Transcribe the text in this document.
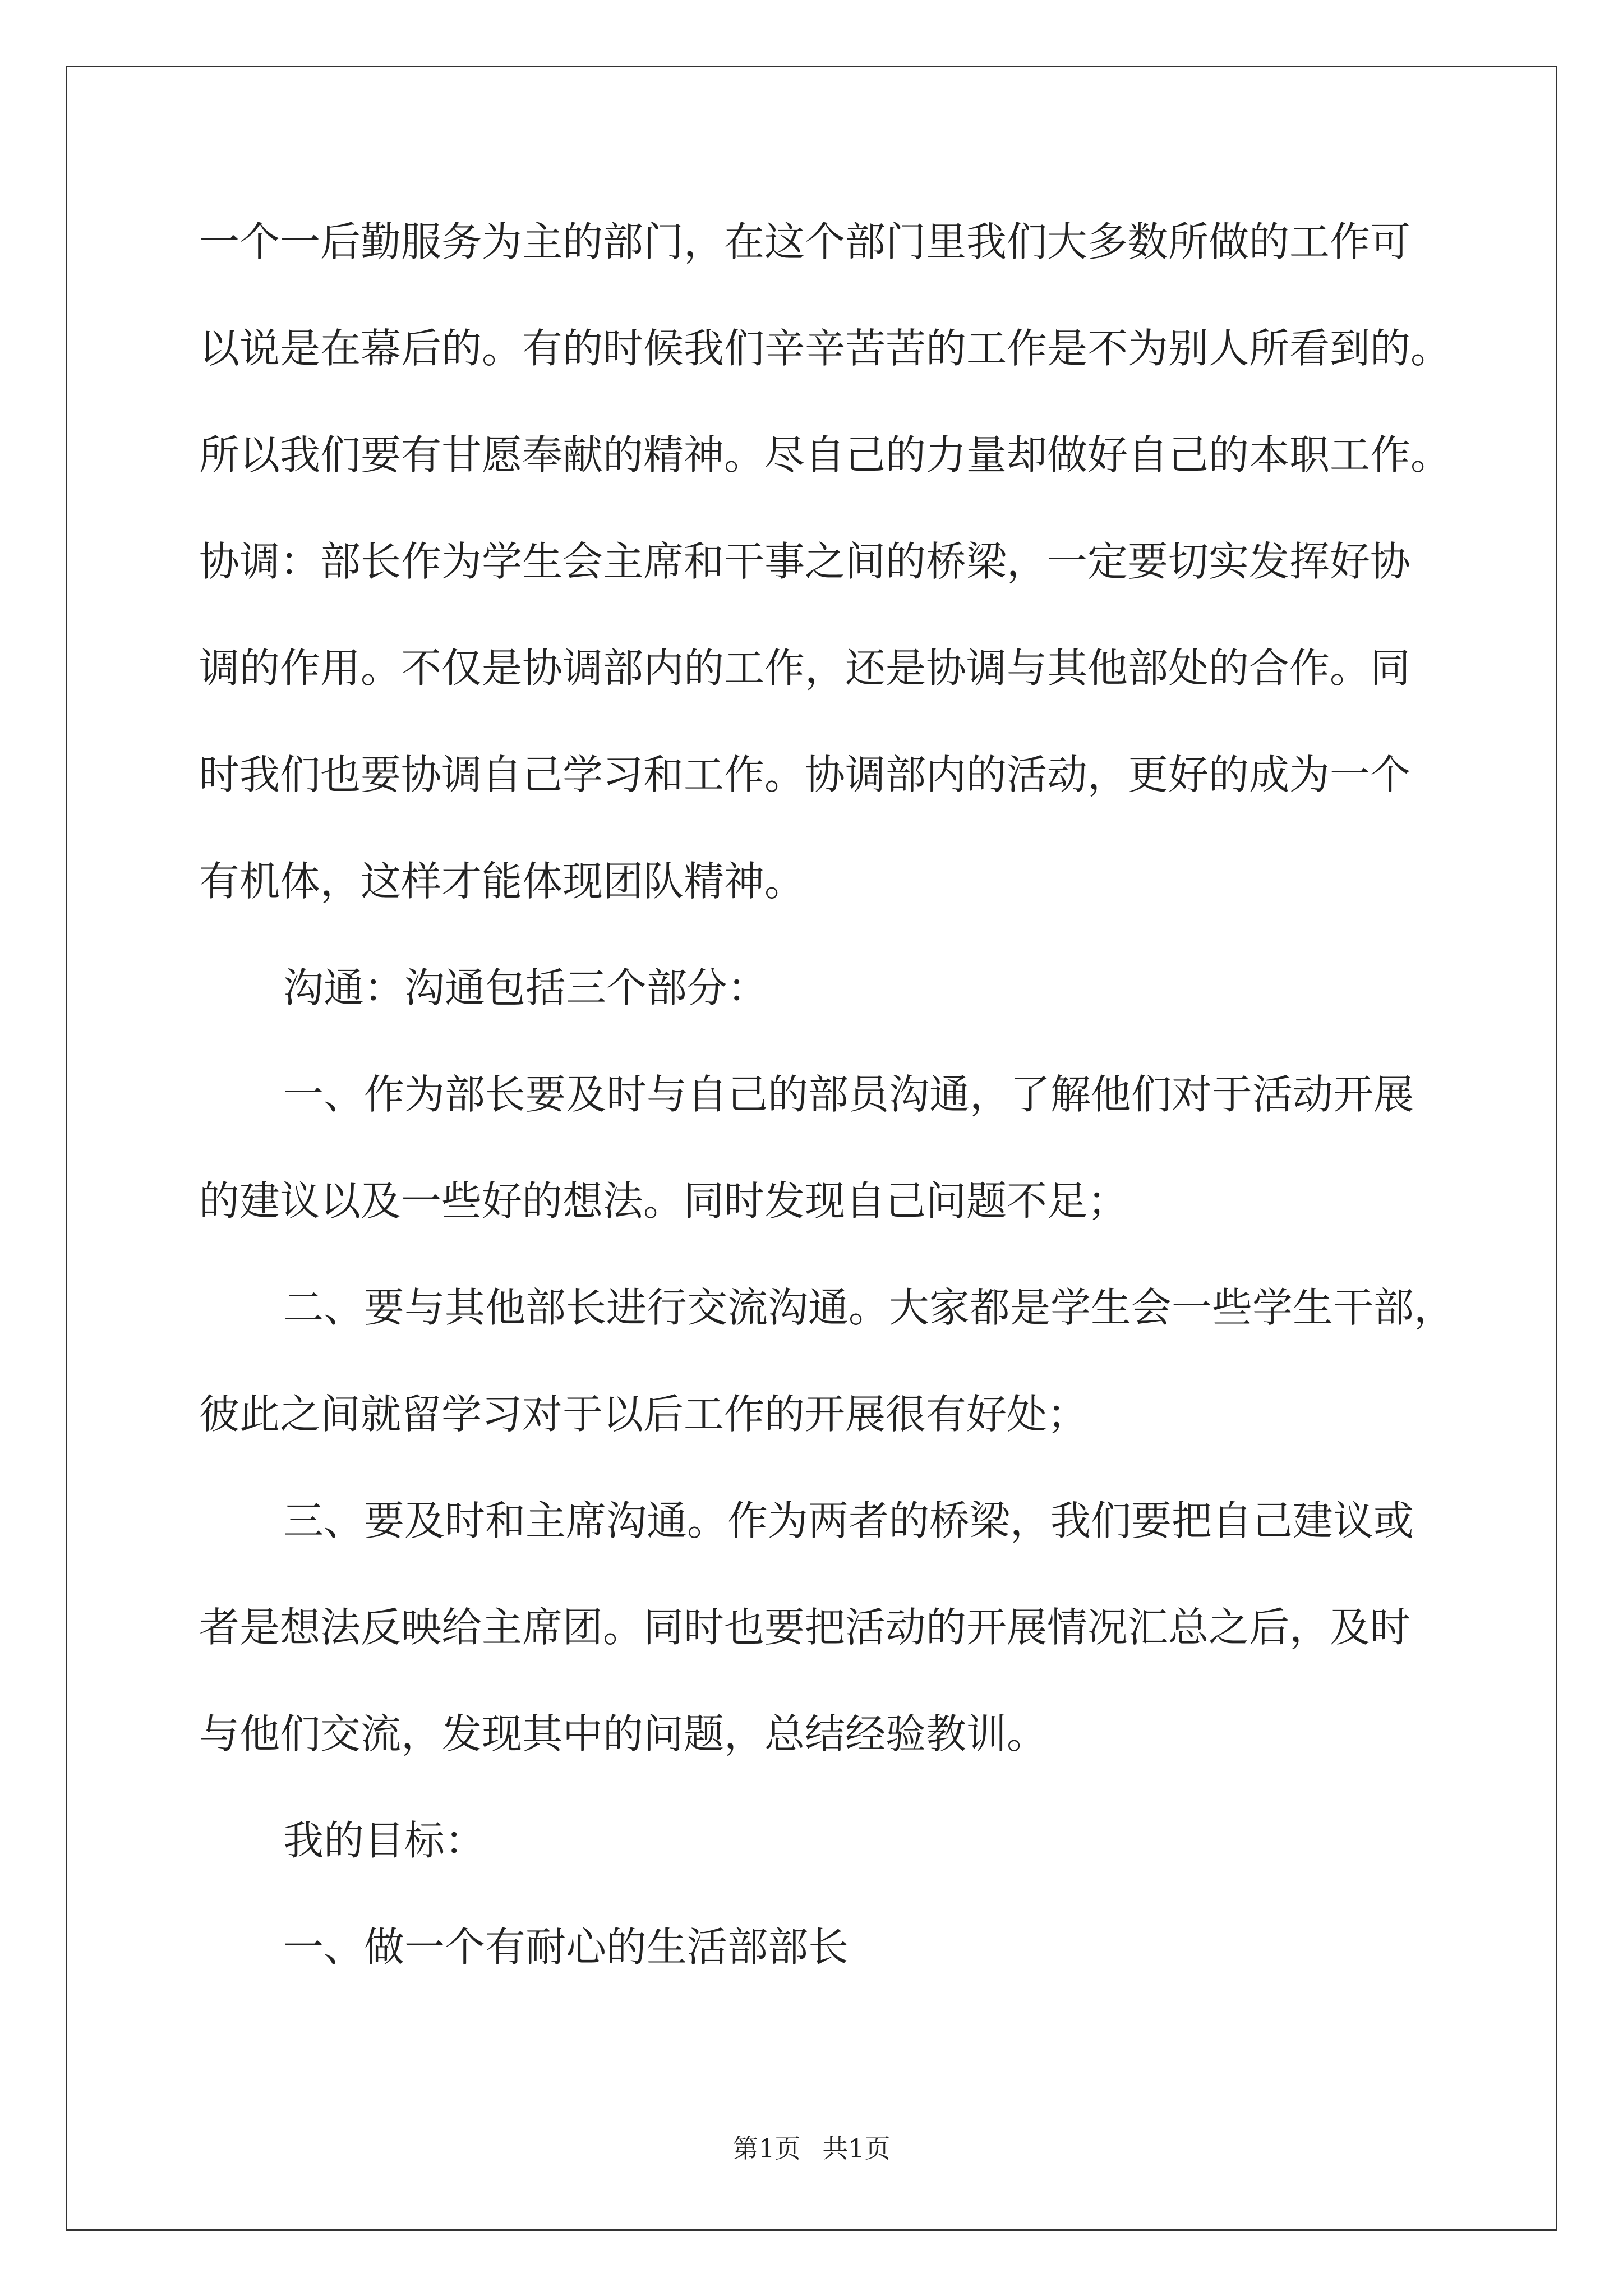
一个一后勤服务为主的部门，在这个部门里我们大多数所做的工作可

以说是在幕后的。有的时候我们辛辛苦苦的工作是不为别人所看到的。

所以我们要有甘愿奉献的精神。尽自己的力量却做好自己的本职工作。

协调：部长作为学生会主席和干事之间的桥梁，一定要切实发挥好协

调的作用。不仅是协调部内的工作，还是协调与其他部处的合作。同

时我们也要协调自己学习和工作。协调部内的活动，更好的成为一个

有机体，这样才能体现团队精神。

沟通：沟通包括三个部分：

一、作为部长要及时与自己的部员沟通，了解他们对于活动开展

的建议以及一些好的想法。同时发现自己问题不足；

二、要与其他部长进行交流沟通。大家都是学生会一些学生干部，

彼此之间就留学习对于以后工作的开展很有好处；

三、要及时和主席沟通。作为两者的桥梁，我们要把自己建议或

者是想法反映给主席团。同时也要把活动的开展情况汇总之后，及时

与他们交流，发现其中的问题，总结经验教训。

我的目标：

一、做一个有耐心的生活部部长

第1页 共1页
